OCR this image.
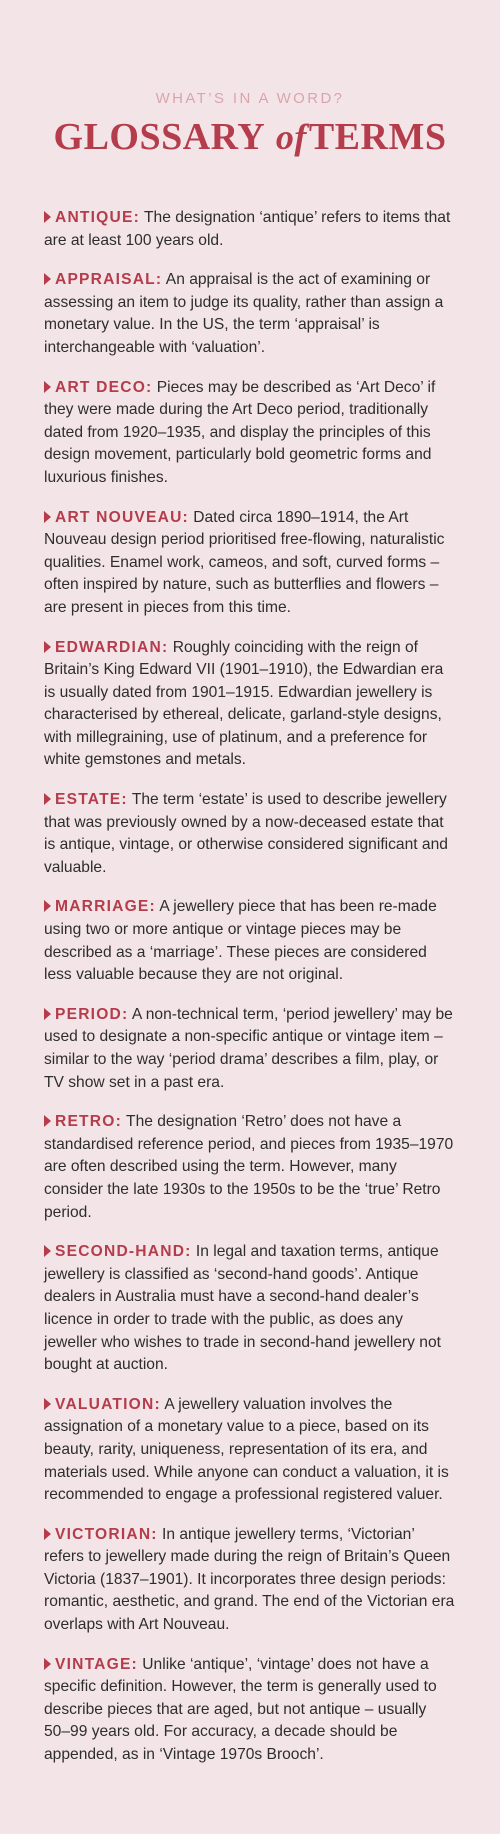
WHAT’S IN A WORD?
GLOSSARY ofTERMS

ANTIQUE: The designation ‘antique’ refers to items that are at least 100 years old.

APPRAISAL: An appraisal is the act of examining or assessing an item to judge its quality, rather than assign a monetary value. In the US, the term ‘appraisal’ is interchangeable with ‘valuation’.

ART DECO: Pieces may be described as ‘Art Deco’ if they were made during the Art Deco period, traditionally dated from 1920–1935, and display the principles of this design movement, particularly bold geometric forms and luxurious finishes.

ART NOUVEAU: Dated circa 1890–1914, the Art Nouveau design period prioritised free-flowing, naturalistic qualities. Enamel work, cameos, and soft, curved forms – often inspired by nature, such as butterflies and flowers – are present in pieces from this time.

EDWARDIAN: Roughly coinciding with the reign of Britain’s King Edward VII (1901–1910), the Edwardian era is usually dated from 1901–1915. Edwardian jewellery is characterised by ethereal, delicate, garland-style designs, with millegraining, use of platinum, and a preference for white gemstones and metals.

ESTATE: The term ‘estate’ is used to describe jewellery that was previously owned by a now-deceased estate that is antique, vintage, or otherwise considered significant and valuable.

MARRIAGE: A jewellery piece that has been re-made using two or more antique or vintage pieces may be described as a ‘marriage’. These pieces are considered less valuable because they are not original.

PERIOD: A non-technical term, ‘period jewellery’ may be used to designate a non-specific antique or vintage item – similar to the way ‘period drama’ describes a film, play, or TV show set in a past era.

RETRO: The designation ‘Retro’ does not have a standardised reference period, and pieces from 1935–1970 are often described using the term. However, many consider the late 1930s to the 1950s to be the ‘true’ Retro period.

SECOND-HAND: In legal and taxation terms, antique jewellery is classified as ‘second-hand goods’. Antique dealers in Australia must have a second-hand dealer’s licence in order to trade with the public, as does any jeweller who wishes to trade in second-hand jewellery not bought at auction.

VALUATION: A jewellery valuation involves the assignation of a monetary value to a piece, based on its beauty, rarity, uniqueness, representation of its era, and materials used. While anyone can conduct a valuation, it is recommended to engage a professional registered valuer.

VICTORIAN: In antique jewellery terms, ‘Victorian’ refers to jewellery made during the reign of Britain’s Queen Victoria (1837–1901). It incorporates three design periods: romantic, aesthetic, and grand. The end of the Victorian era overlaps with Art Nouveau.

VINTAGE: Unlike ‘antique’, ‘vintage’ does not have a specific definition. However, the term is generally used to describe pieces that are aged, but not antique – usually 50–99 years old. For accuracy, a decade should be appended, as in ‘Vintage 1970s Brooch’.
